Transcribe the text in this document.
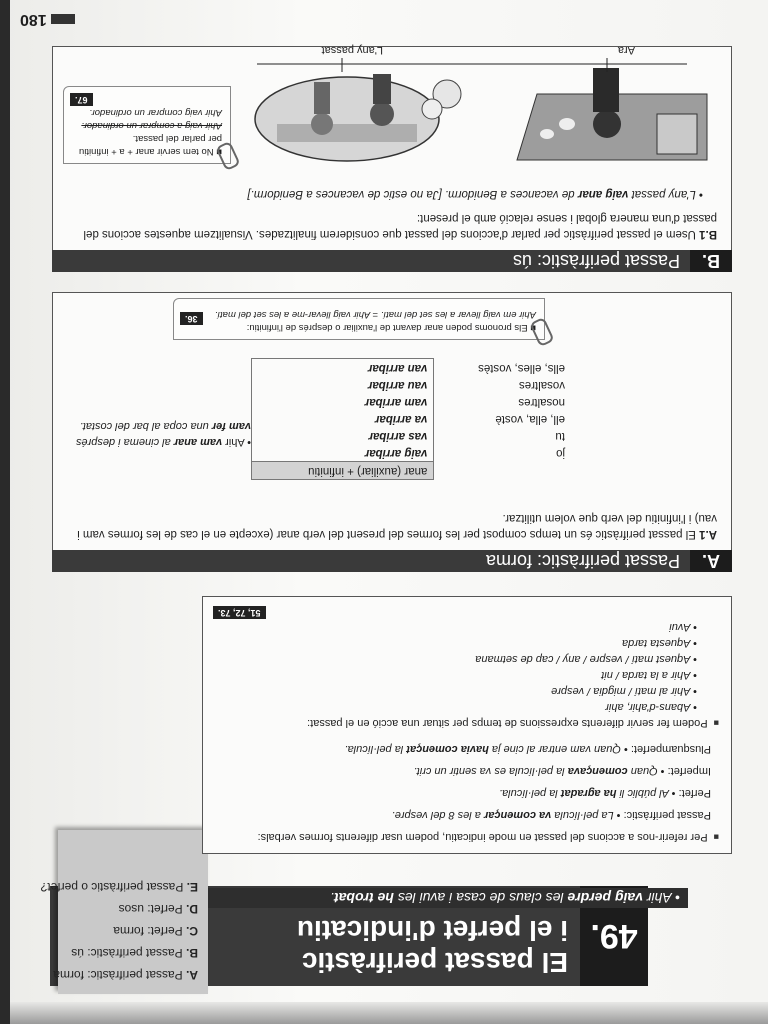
49.
El passat perifràstic
i el perfet d'indicatiu
• Ahir vaig perdre les claus de casa i avui les he trobat.
A. Passat perifràstic: forma
B. Passat perifràstic: ús
C. Perfet: forma
D. Perfet: usos
E. Passat perifràstic o perfet?
■ Per referir-nos a accions del passat en mode indicatiu, podem usar diferents formes verbals:
Passat perifràstic: • La pel·lícula va començar a les 8 del vespre.
Perfet: • Al públic li ha agradat la pel·lícula.
Imperfet: • Quan començava la pel·lícula es va sentir un crit.
Plusquamperfet: • Quan vam entrar al cine ja havia començat la pel·lícula.
■ Podem fer servir diferents expressions de temps per situar una acció en el passat:
• Abans-d'ahir, ahir
• Ahir al matí / migdia / vespre
• Ahir a la tarda / nit
• Aquest matí / vespre / any / cap de setmana
• Aquesta tarda
• Avui
51, 72, 73.
A.Passat perifràstic: forma
A.1 El passat perifràstic és un temps compost per les formes del present del verb anar (excepte en el cas de les formes vam i vau) i l'infinitiu del verb que volem utilitzar.
	anar (auxiliar) + infinitiu
jo	vaig arribar
tu	vas arribar
ell, ella, vostè	va arribar
nosaltres	vam arribar
vosaltres	vau arribar
ells, elles, vostès	van arribar
• Ahir vam anar al cinema i després vam fer una copa al bar del costat.
■ Els pronoms poden anar davant de l'auxiliar o després de l'infinitiu:
Ahir em vaig llevar a les set del matí. = Ahir vaig llevar-me a les set del matí.
36.
B.Passat perifràstic: ús
B.1 Usem el passat perifràstic per parlar d'accions del passat que considerem finalitzades. Visualitzem aquestes accions del passat d'una manera global i sense relació amb el present:
• L'any passat vaig anar de vacances a Benidorm. [Ja no estic de vacances a Benidorm.]
■ No tem servir anar + a + infinitiu per parlar del passat.
Ahir vaig a comprar un ordinador.
Ahir vaig comprar un ordinador.
67.
Ara
L'any passat
180
